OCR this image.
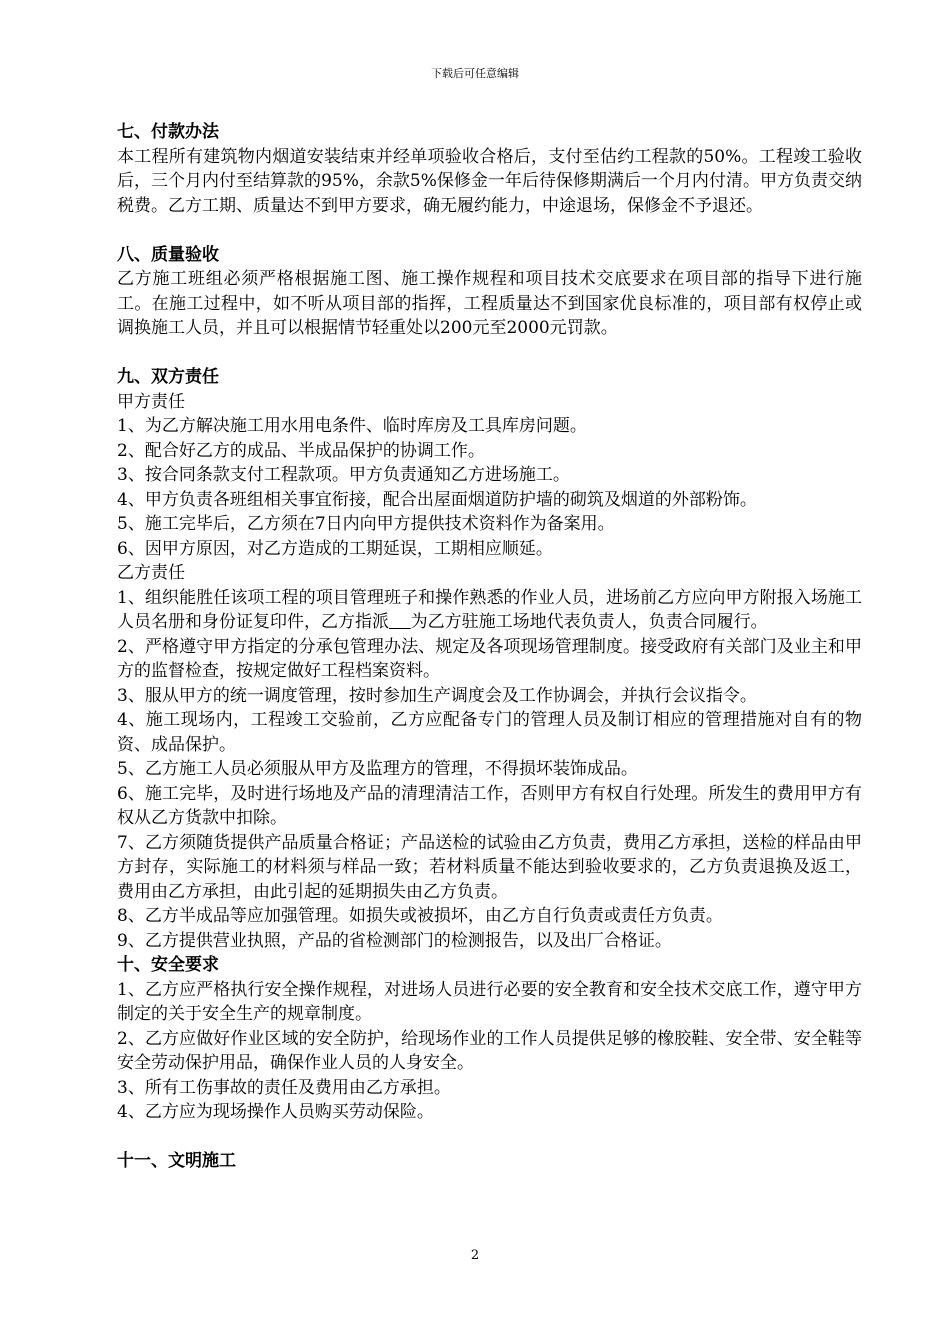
下载后可任意编辑
七、付款办法
本工程所有建筑物内烟道安装结束并经单项验收合格后，支付至估约工程款的50%。工程竣工验收后，三个月内付至结算款的95%，余款5%保修金一年后待保修期满后一个月内付清。甲方负责交纳税费。乙方工期、质量达不到甲方要求，确无履约能力，中途退场，保修金不予退还。
八、质量验收
乙方施工班组必须严格根据施工图、施工操作规程和项目技术交底要求在项目部的指导下进行施工。在施工过程中，如不听从项目部的指挥，工程质量达不到国家优良标准的，项目部有权停止或调换施工人员，并且可以根据情节轻重处以200元至2000元罚款。
九、双方责任
甲方责任
1、为乙方解决施工用水用电条件、临时库房及工具库房问题。
2、配合好乙方的成品、半成品保护的协调工作。
3、按合同条款支付工程款项。甲方负责通知乙方进场施工。
4、甲方负责各班组相关事宜衔接，配合出屋面烟道防护墙的砌筑及烟道的外部粉饰。
5、施工完毕后，乙方须在7日内向甲方提供技术资料作为备案用。
6、因甲方原因，对乙方造成的工期延误，工期相应顺延。
乙方责任
1、组织能胜任该项工程的项目管理班子和操作熟悉的作业人员，进场前乙方应向甲方附报入场施工人员名册和身份证复印件，乙方指派 为乙方驻施工场地代表负责人，负责合同履行。
2、严格遵守甲方指定的分承包管理办法、规定及各项现场管理制度。接受政府有关部门及业主和甲方的监督检查，按规定做好工程档案资料。
3、服从甲方的统一调度管理，按时参加生产调度会及工作协调会，并执行会议指令。
4、施工现场内，工程竣工交验前，乙方应配备专门的管理人员及制订相应的管理措施对自有的物资、成品保护。
5、乙方施工人员必须服从甲方及监理方的管理，不得损坏装饰成品。
6、施工完毕，及时进行场地及产品的清理清洁工作，否则甲方有权自行处理。所发生的费用甲方有权从乙方货款中扣除。
7、乙方须随货提供产品质量合格证；产品送检的试验由乙方负责，费用乙方承担，送检的样品由甲方封存，实际施工的材料须与样品一致；若材料质量不能达到验收要求的，乙方负责退换及返工，费用由乙方承担，由此引起的延期损失由乙方负责。
8、乙方半成品等应加强管理。如损失或被损坏，由乙方自行负责或责任方负责。
9、乙方提供营业执照，产品的省检测部门的检测报告，以及出厂合格证。
十、安全要求
1、乙方应严格执行安全操作规程，对进场人员进行必要的安全教育和安全技术交底工作，遵守甲方制定的关于安全生产的规章制度。
2、乙方应做好作业区域的安全防护，给现场作业的工作人员提供足够的橡胶鞋、安全带、安全鞋等安全劳动保护用品，确保作业人员的人身安全。
3、所有工伤事故的责任及费用由乙方承担。
4、乙方应为现场操作人员购买劳动保险。
十一、文明施工
2
